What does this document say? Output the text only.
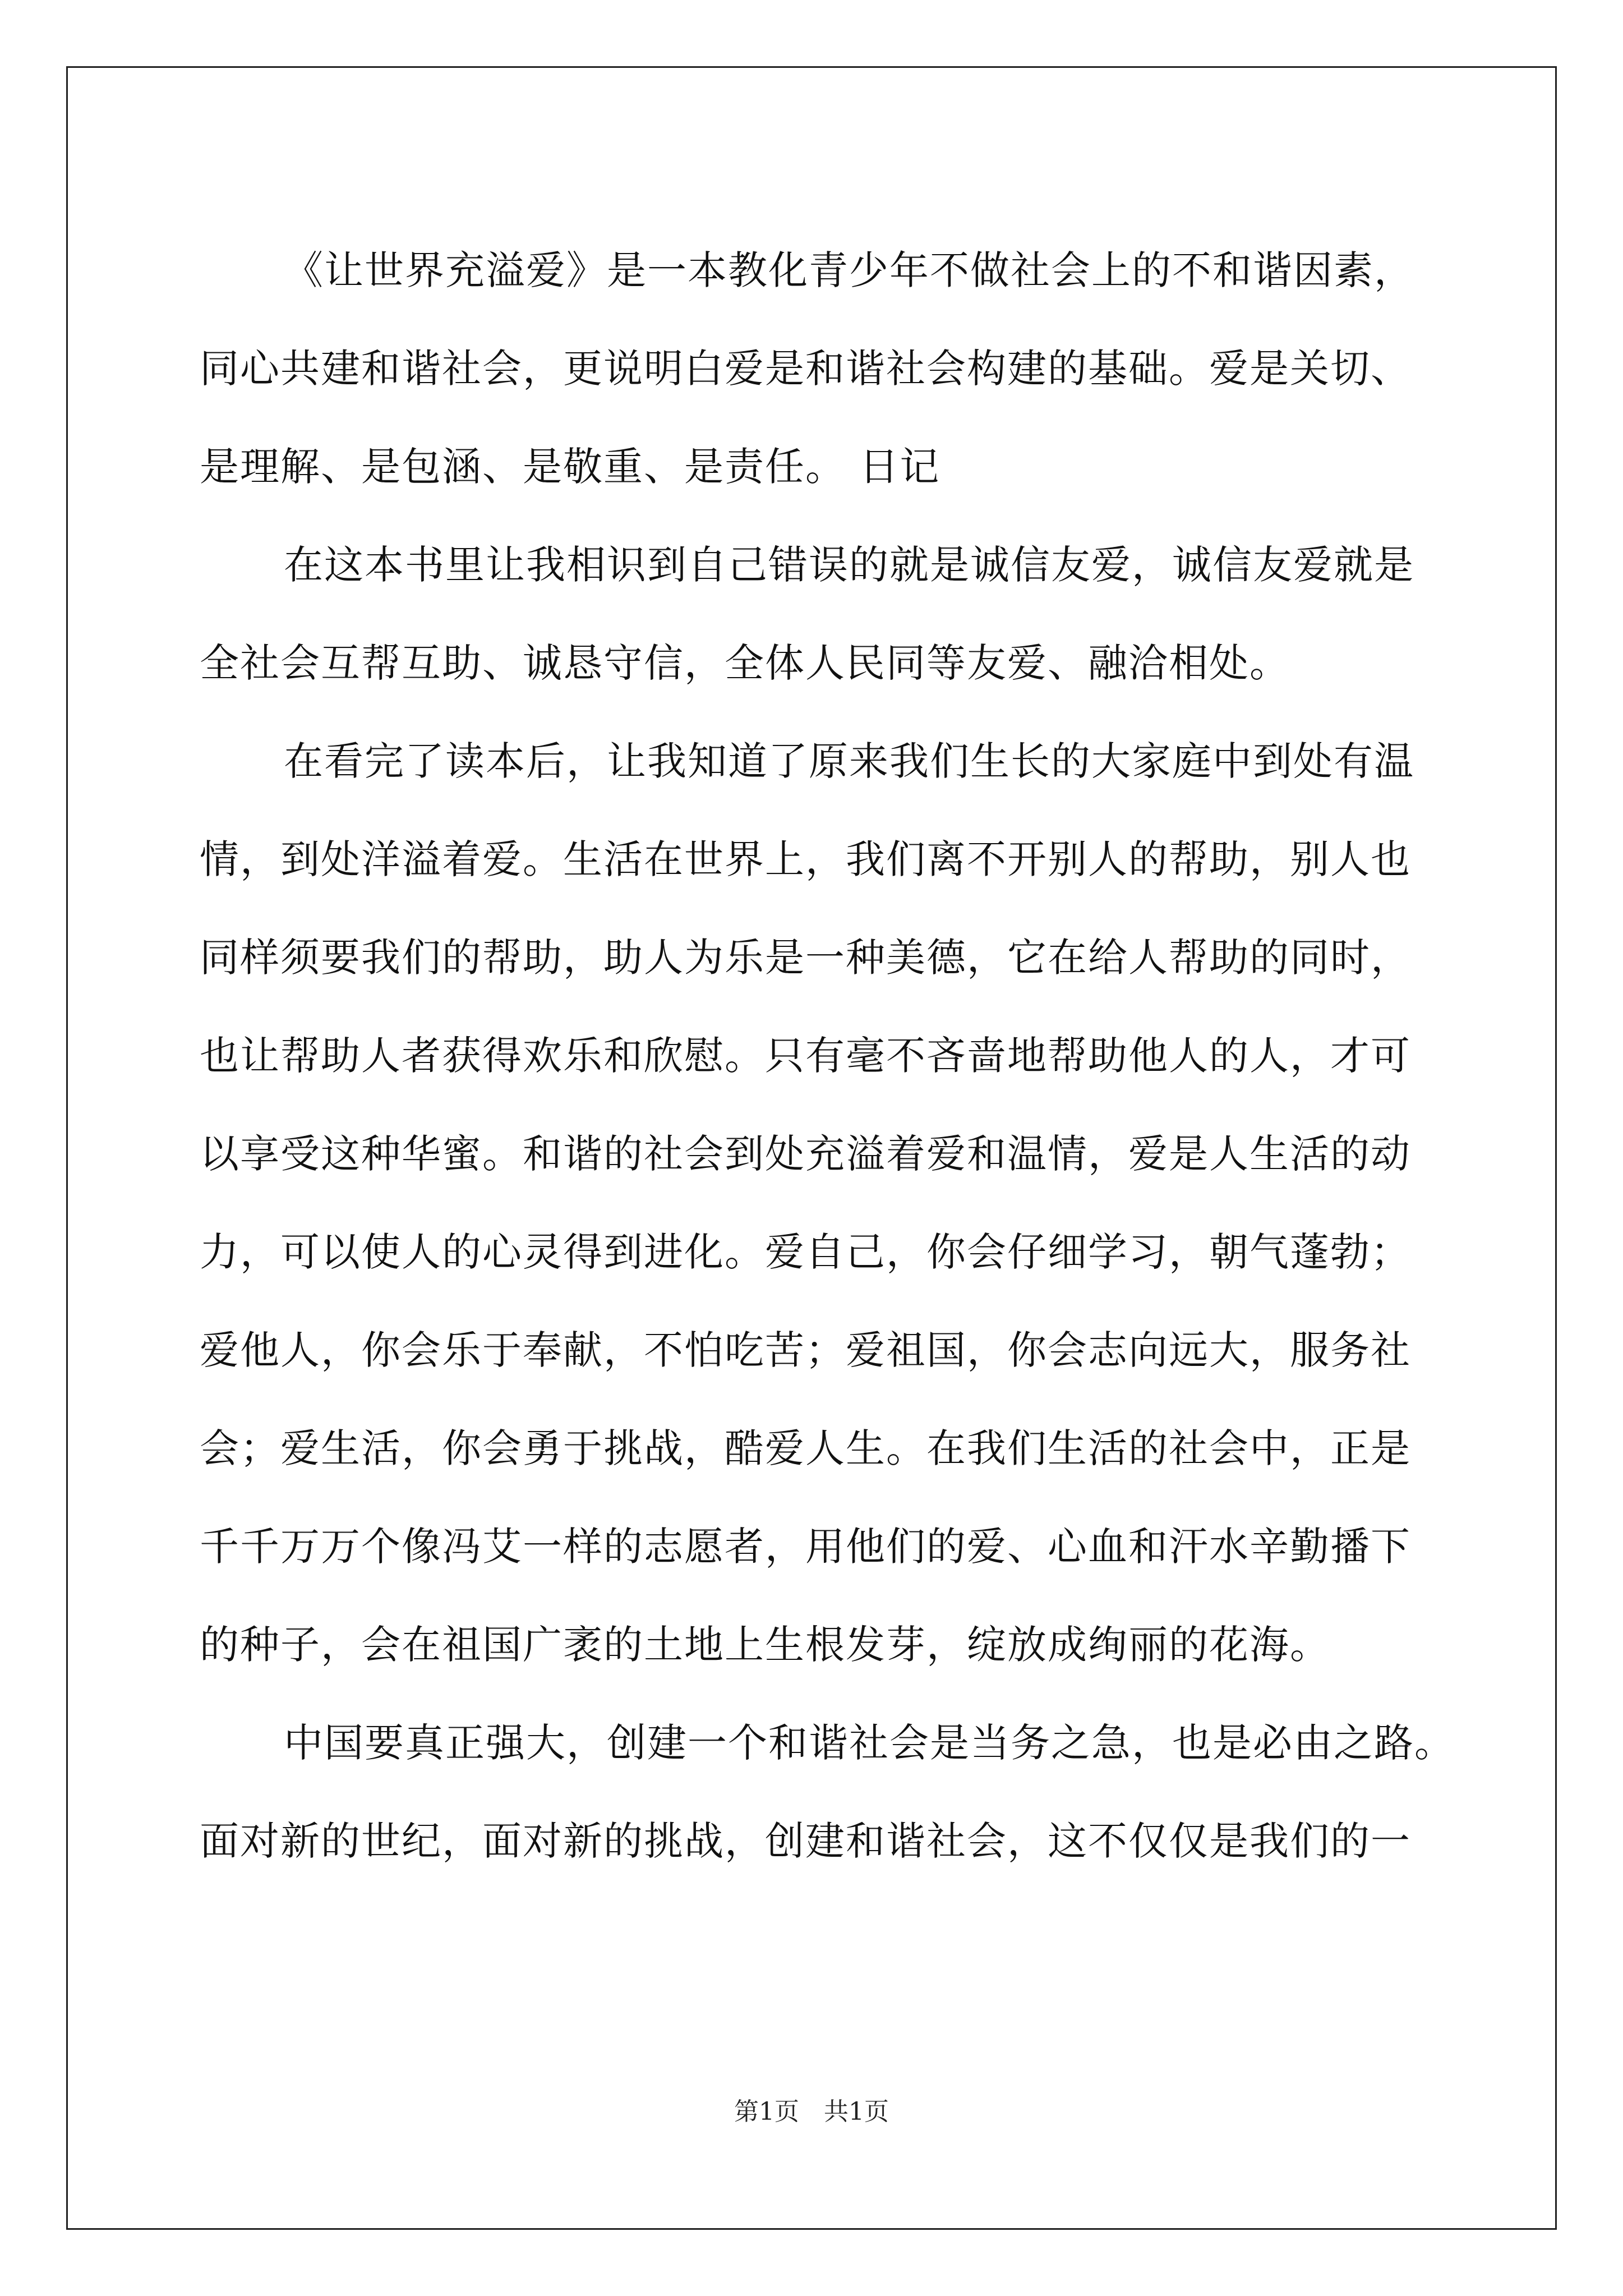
《让世界充溢爱》是一本教化青少年不做社会上的不和谐因素，
同心共建和谐社会，更说明白爱是和谐社会构建的基础。爱是关切、
是理解、是包涵、是敬重、是责任。 日记
在这本书里让我相识到自己错误的就是诚信友爱，诚信友爱就是
全社会互帮互助、诚恳守信，全体人民同等友爱、融洽相处。
在看完了读本后，让我知道了原来我们生长的大家庭中到处有温
情，到处洋溢着爱。生活在世界上，我们离不开别人的帮助，别人也
同样须要我们的帮助，助人为乐是一种美德，它在给人帮助的同时，
也让帮助人者获得欢乐和欣慰。只有毫不吝啬地帮助他人的人，才可
以享受这种华蜜。和谐的社会到处充溢着爱和温情，爱是人生活的动
力，可以使人的心灵得到进化。爱自己，你会仔细学习，朝气蓬勃；
爱他人，你会乐于奉献，不怕吃苦；爱祖国，你会志向远大，服务社
会；爱生活，你会勇于挑战，酷爱人生。在我们生活的社会中，正是
千千万万个像冯艾一样的志愿者，用他们的爱、心血和汗水辛勤播下
的种子，会在祖国广袤的土地上生根发芽，绽放成绚丽的花海。
中国要真正强大，创建一个和谐社会是当务之急，也是必由之路。
面对新的世纪，面对新的挑战，创建和谐社会，这不仅仅是我们的一
第1页　共1页
